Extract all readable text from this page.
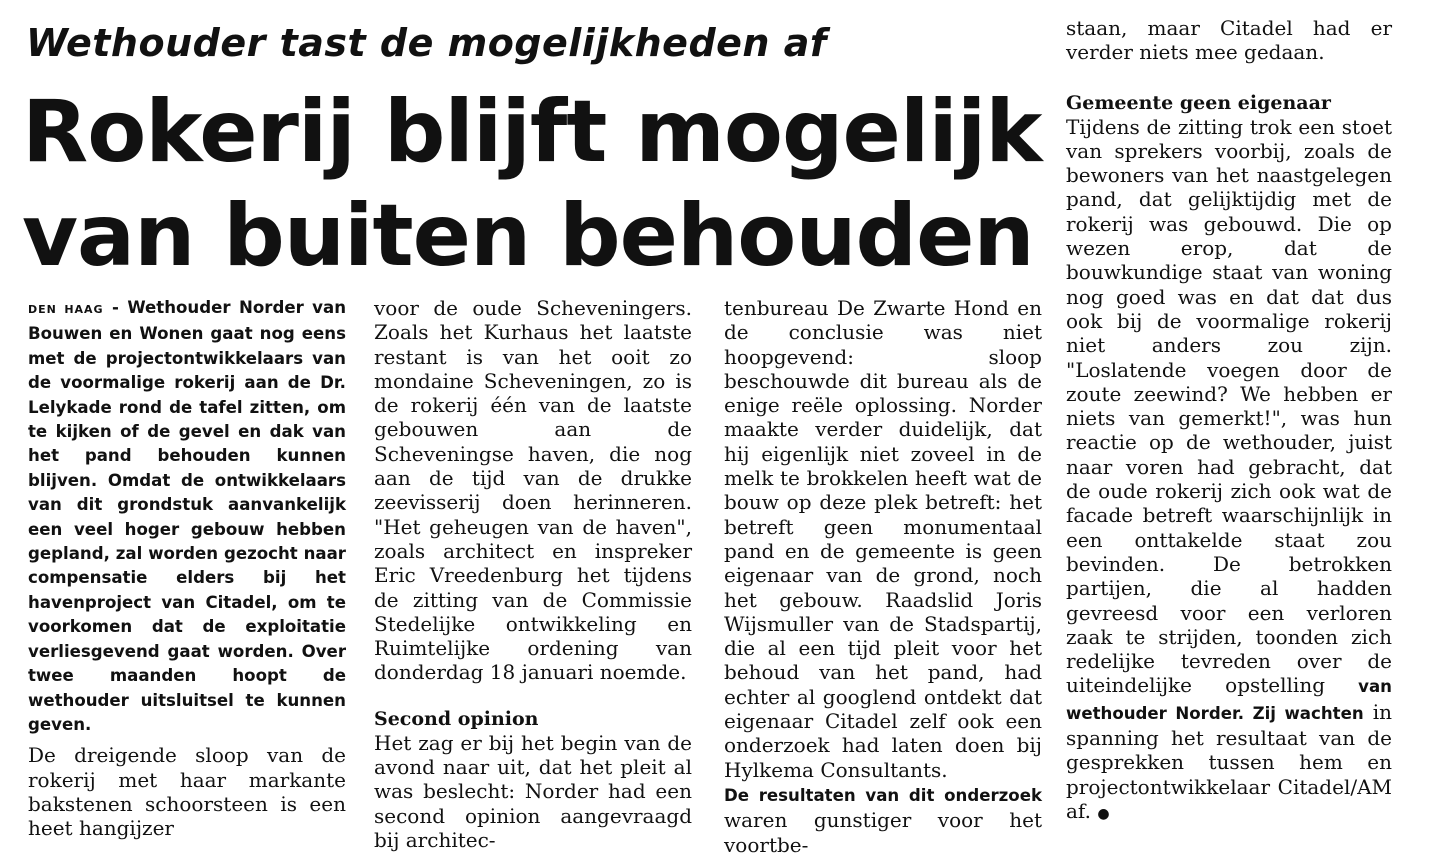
Wethouder tast de mogelijkheden af
Rokerij blijft mogelijk van buiten behouden

DEN HAAG - Wethouder Norder van Bouwen en Wonen gaat nog eens met de projectontwikkelaars van de voormalige rokerij aan de Dr. Lelykade rond de tafel zitten, om te kijken of de gevel en dak van het pand behouden kunnen blijven. Omdat de ontwikkelaars van dit grondstuk aanvankelijk een veel hoger gebouw hebben gepland, zal worden gezocht naar compensatie elders bij het havenproject van Citadel, om te voorkomen dat de exploitatie verliesgevend gaat worden. Over twee maanden hoopt de wethouder uitsluitsel te kunnen geven.

De dreigende sloop van de rokerij met haar markante bakstenen schoorsteen is een heet hangijzer

voor de oude Scheveningers. Zoals het Kurhaus het laatste restant is van het ooit zo mondaine Scheveningen, zo is de rokerij één van de laatste gebouwen aan de Scheveningse haven, die nog aan de tijd van de drukke zeevisserij doen herinneren. "Het geheugen van de haven", zoals architect en inspreker Eric Vreedenburg het tijdens de zitting van de Commissie Stedelijke ontwikkeling en Ruimtelijke ordening van donderdag 18 januari noemde.

Second opinion

Het zag er bij het begin van de avond naar uit, dat het pleit al was beslecht: Norder had een second opinion aangevraagd bij architec-

tenbureau De Zwarte Hond en de conclusie was niet hoopgevend: sloop beschouwde dit bureau als de enige reële oplossing. Norder maakte verder duidelijk, dat hij eigenlijk niet zoveel in de melk te brokkelen heeft wat de bouw op deze plek betreft: het betreft geen monumentaal pand en de gemeente is geen eigenaar van de grond, noch het gebouw. Raadslid Joris Wijsmuller van de Stadspartij, die al een tijd pleit voor het behoud van het pand, had echter al googlend ontdekt dat eigenaar Citadel zelf ook een onderzoek had laten doen bij Hylkema Consultants.

De resultaten van dit onderzoek waren gunstiger voor het voortbe-

staan, maar Citadel had er verder niets mee gedaan.

Gemeente geen eigenaar

Tijdens de zitting trok een stoet van sprekers voorbij, zoals de bewoners van het naastgelegen pand, dat gelijktijdig met de rokerij was gebouwd. Die op wezen erop, dat de bouwkundige staat van woning nog goed was en dat dat dus ook bij de voormalige rokerij niet anders zou zijn. "Loslatende voegen door de zoute zeewind? We hebben er niets van gemerkt!", was hun reactie op de wethouder, juist naar voren had gebracht, dat de oude rokerij zich ook wat de facade betreft waarschijnlijk in een onttakelde staat zou bevinden. De betrokken partijen, die al hadden gevreesd voor een verloren zaak te strijden, toonden zich redelijke tevreden over de uiteindelijke opstelling van wethouder Norder. Zij wachten in spanning het resultaat van de gesprekken tussen hem en projectontwikkelaar Citadel/AM af. ●
